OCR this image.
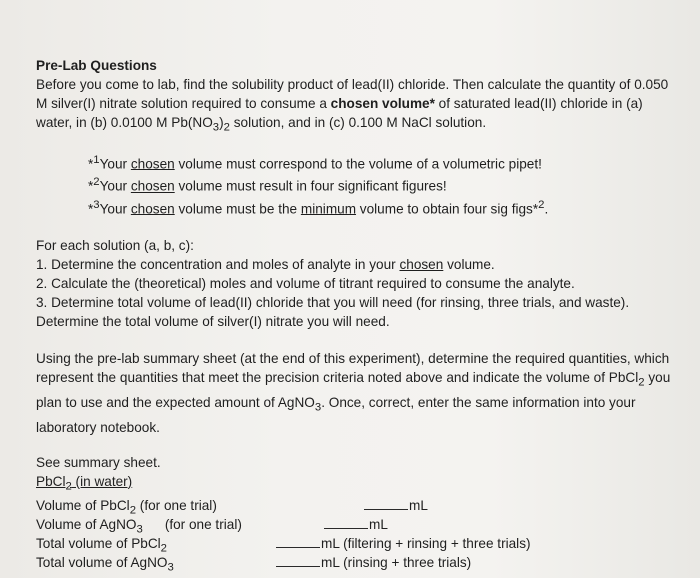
Pre-Lab Questions

Before you come to lab, find the solubility product of lead(II) chloride. Then calculate the quantity of 0.050 M silver(I) nitrate solution required to consume a chosen volume* of saturated lead(II) chloride in (a) water, in (b) 0.0100 M $Pb(NO_3)_2$ solution, and in (c) 0.100 M NaCl solution.

*$^1$Your chosen volume must correspond to the volume of a volumetric pipet!

*$^2$Your chosen volume must result in four significant figures!

*$^3$Your chosen volume must be the minimum volume to obtain four sig figs*$^2$.

For each solution (a, b, c):

1. Determine the concentration and moles of analyte in your chosen volume.

2. Calculate the (theoretical) moles and volume of titrant required to consume the analyte.

3. Determine total volume of lead(II) chloride that you will need (for rinsing, three trials, and waste). Determine the total volume of silver(I) nitrate you will need.

Using the pre-lab summary sheet (at the end of this experiment), determine the required quantities, which represent the quantities that meet the precision criteria noted above and indicate the volume of PbCl$_2$ you plan to use and the expected amount of AgNO$_3$. Once, correct, enter the same information into your laboratory notebook.

See summary sheet.

PbCl$_2$ (in water)

Volume of PbCl$_2$ (for one trial)	mL
Volume of AgNO$_3$ (for one trial)	mL
Total volume of PbCl$_2$	mL (filtering + rinsing + three trials)
Total volume of AgNO$_3$	mL (rinsing + three trials)
